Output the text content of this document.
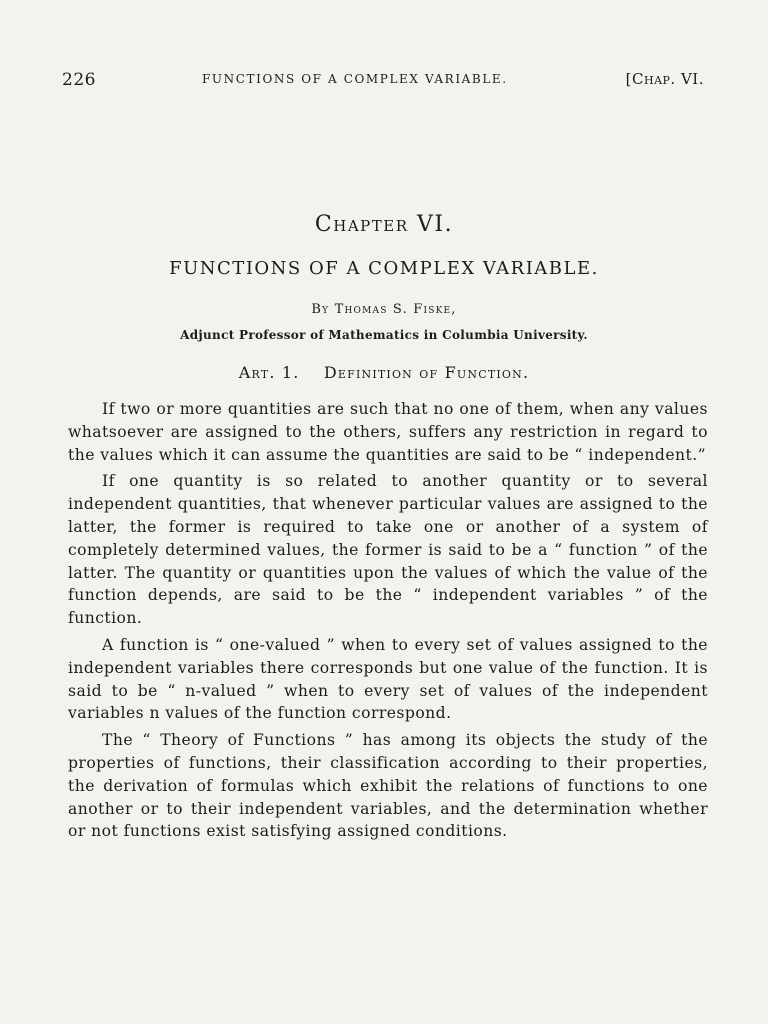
226	FUNCTIONS OF A COMPLEX VARIABLE.	[Chap. VI.
Chapter VI.
FUNCTIONS OF A COMPLEX VARIABLE.
By Thomas S. Fiske,
Adjunct Professor of Mathematics in Columbia University.
Art. 1. Definition of Function.

If two or more quantities are such that no one of them, when any values whatsoever are assigned to the others, suffers any restriction in regard to the values which it can assume the quantities are said to be “ independent.”

If one quantity is so related to another quantity or to several independent quantities, that whenever particular values are assigned to the latter, the former is required to take one or another of a system of completely determined values, the former is said to be a “ function ” of the latter. The quantity or quantities upon the values of which the value of the function depends, are said to be the “ independent variables ” of the function.

A function is “ one-valued ” when to every set of values assigned to the independent variables there corresponds but one value of the function. It is said to be “ n-valued ” when to every set of values of the independent variables n values of the function correspond.

The “ Theory of Functions ” has among its objects the study of the properties of functions, their classification according to their properties, the derivation of formulas which exhibit the relations of functions to one another or to their independent variables, and the determination whether or not functions exist satisfying assigned conditions.
